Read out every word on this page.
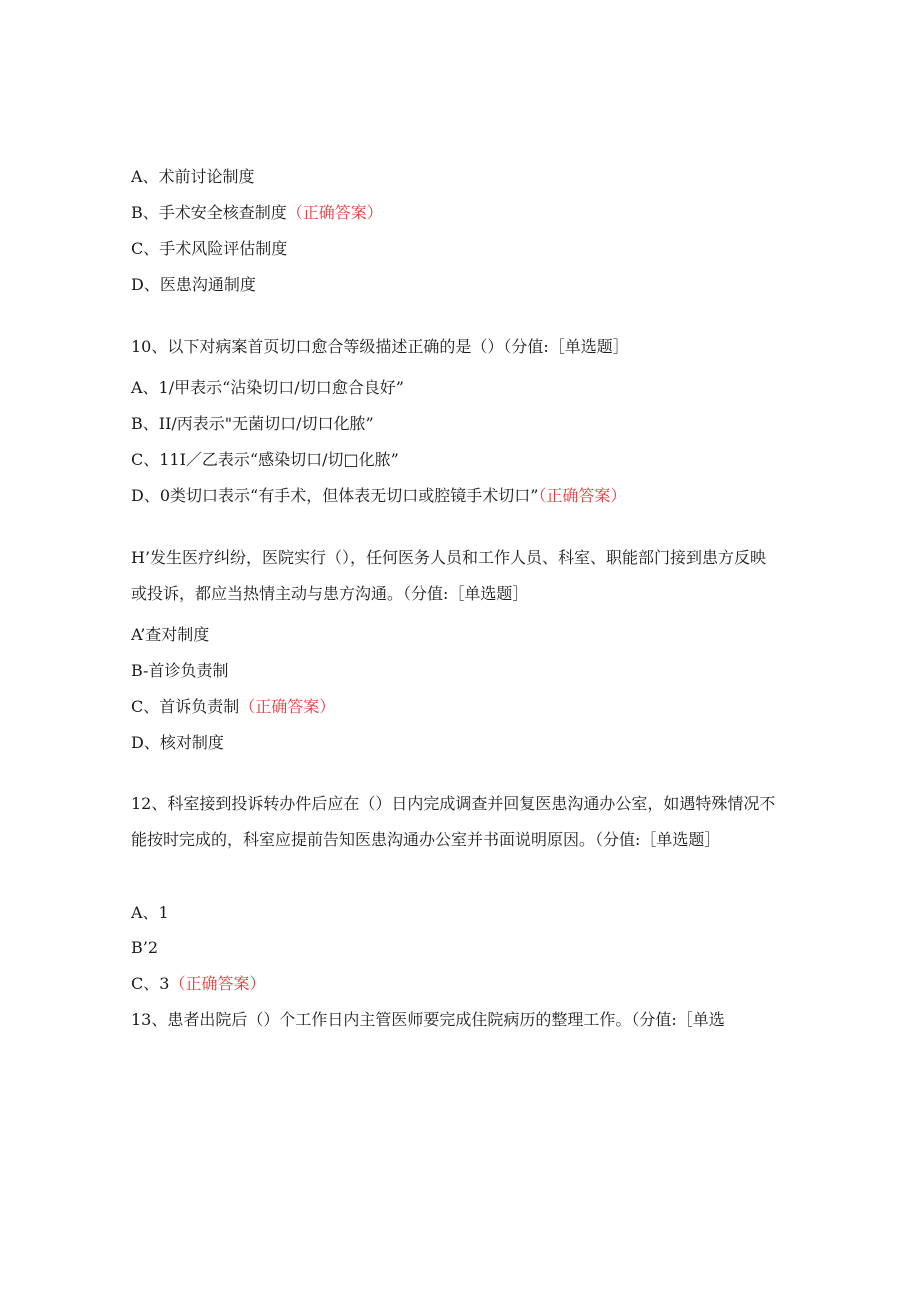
A、术前讨论制度
B、手术安全核查制度（正确答案）
C、手术风险评估制度
D、医患沟通制度
10、以下对病案首页切口愈合等级描述正确的是（）（分值:［单选题］
A、1/甲表示“沾染切口/切口愈合良好”
B、II/丙表示"无菌切口/切口化脓”
C、11I／乙表示“感染切口/切□化脓”
D、0类切口表示“有手术，但体表无切口或腔镜手术切口”（正确答案）
H’发生医疗纠纷，医院实行（），任何医务人员和工作人员、科室、职能部门接到患方反映或投诉，都应当热情主动与患方沟通。（分值:［单选题］
A’查对制度
B-首诊负责制
C、首诉负责制（正确答案）
D、核对制度
12、科室接到投诉转办件后应在（）日内完成调查并回复医患沟通办公室，如遇特殊情况不能按时完成的，科室应提前告知医患沟通办公室并书面说明原因。（分值:［单选题］
A、1
B’2
C、3（正确答案）
13、患者出院后（）个工作日内主管医师要完成住院病历的整理工作。（分值:［单选
